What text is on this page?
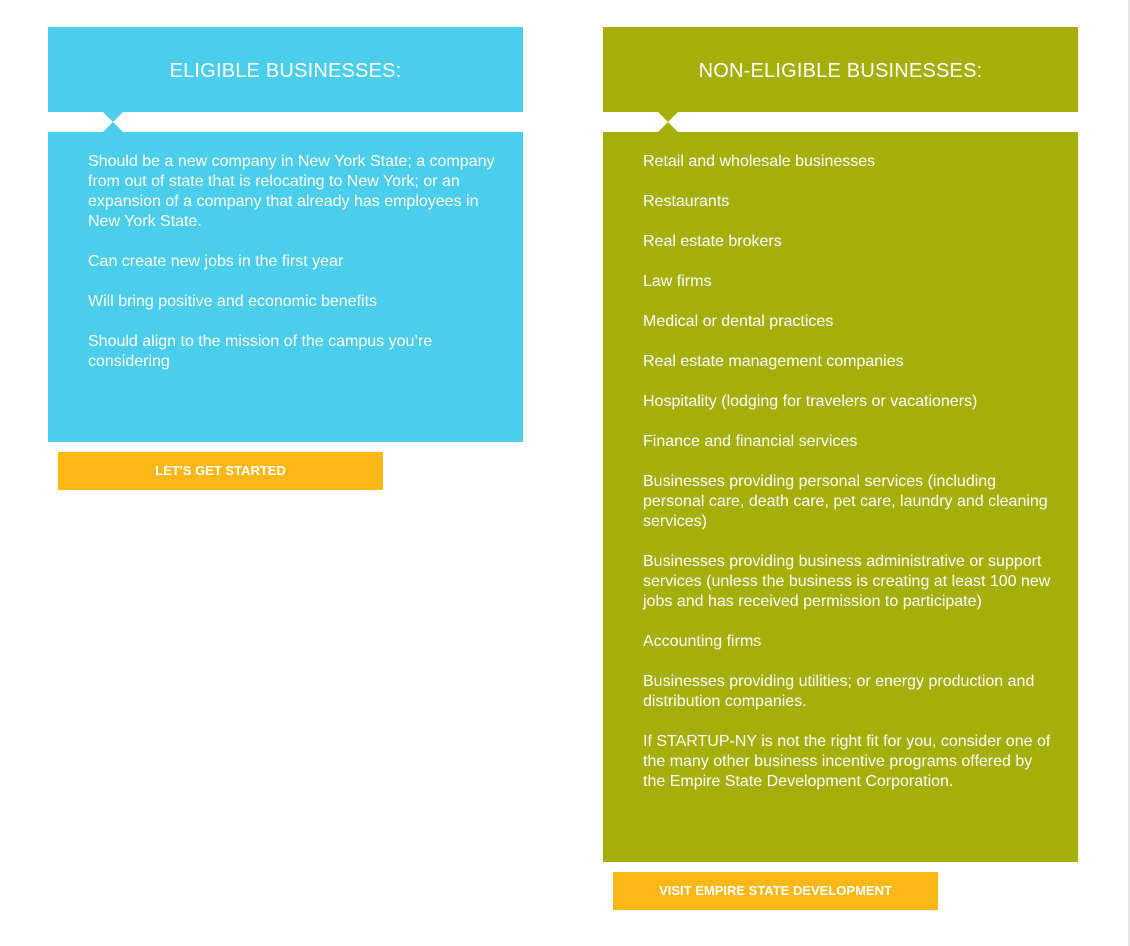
ELIGIBLE BUSINESSES:

Should be a new company in New York State; a company from out of state that is relocating to New York; or an expansion of a company that already has employees in New York State.

Can create new jobs in the first year

Will bring positive and economic benefits

Should align to the mission of the campus you’re considering

LET'S GET STARTED
NON-ELIGIBLE BUSINESSES:

Retail and wholesale businesses

Restaurants

Real estate brokers

Law firms

Medical or dental practices

Real estate management companies

Hospitality (lodging for travelers or vacationers)

Finance and financial services

Businesses providing personal services (including personal care, death care, pet care, laundry and cleaning services)

Businesses providing business administrative or support services (unless the business is creating at least 100 new jobs and has received permission to participate)

Accounting firms

Businesses providing utilities; or energy production and distribution companies.

If STARTUP-NY is not the right fit for you, consider one of the many other business incentive programs offered by the Empire State Development Corporation.

VISIT EMPIRE STATE DEVELOPMENT
